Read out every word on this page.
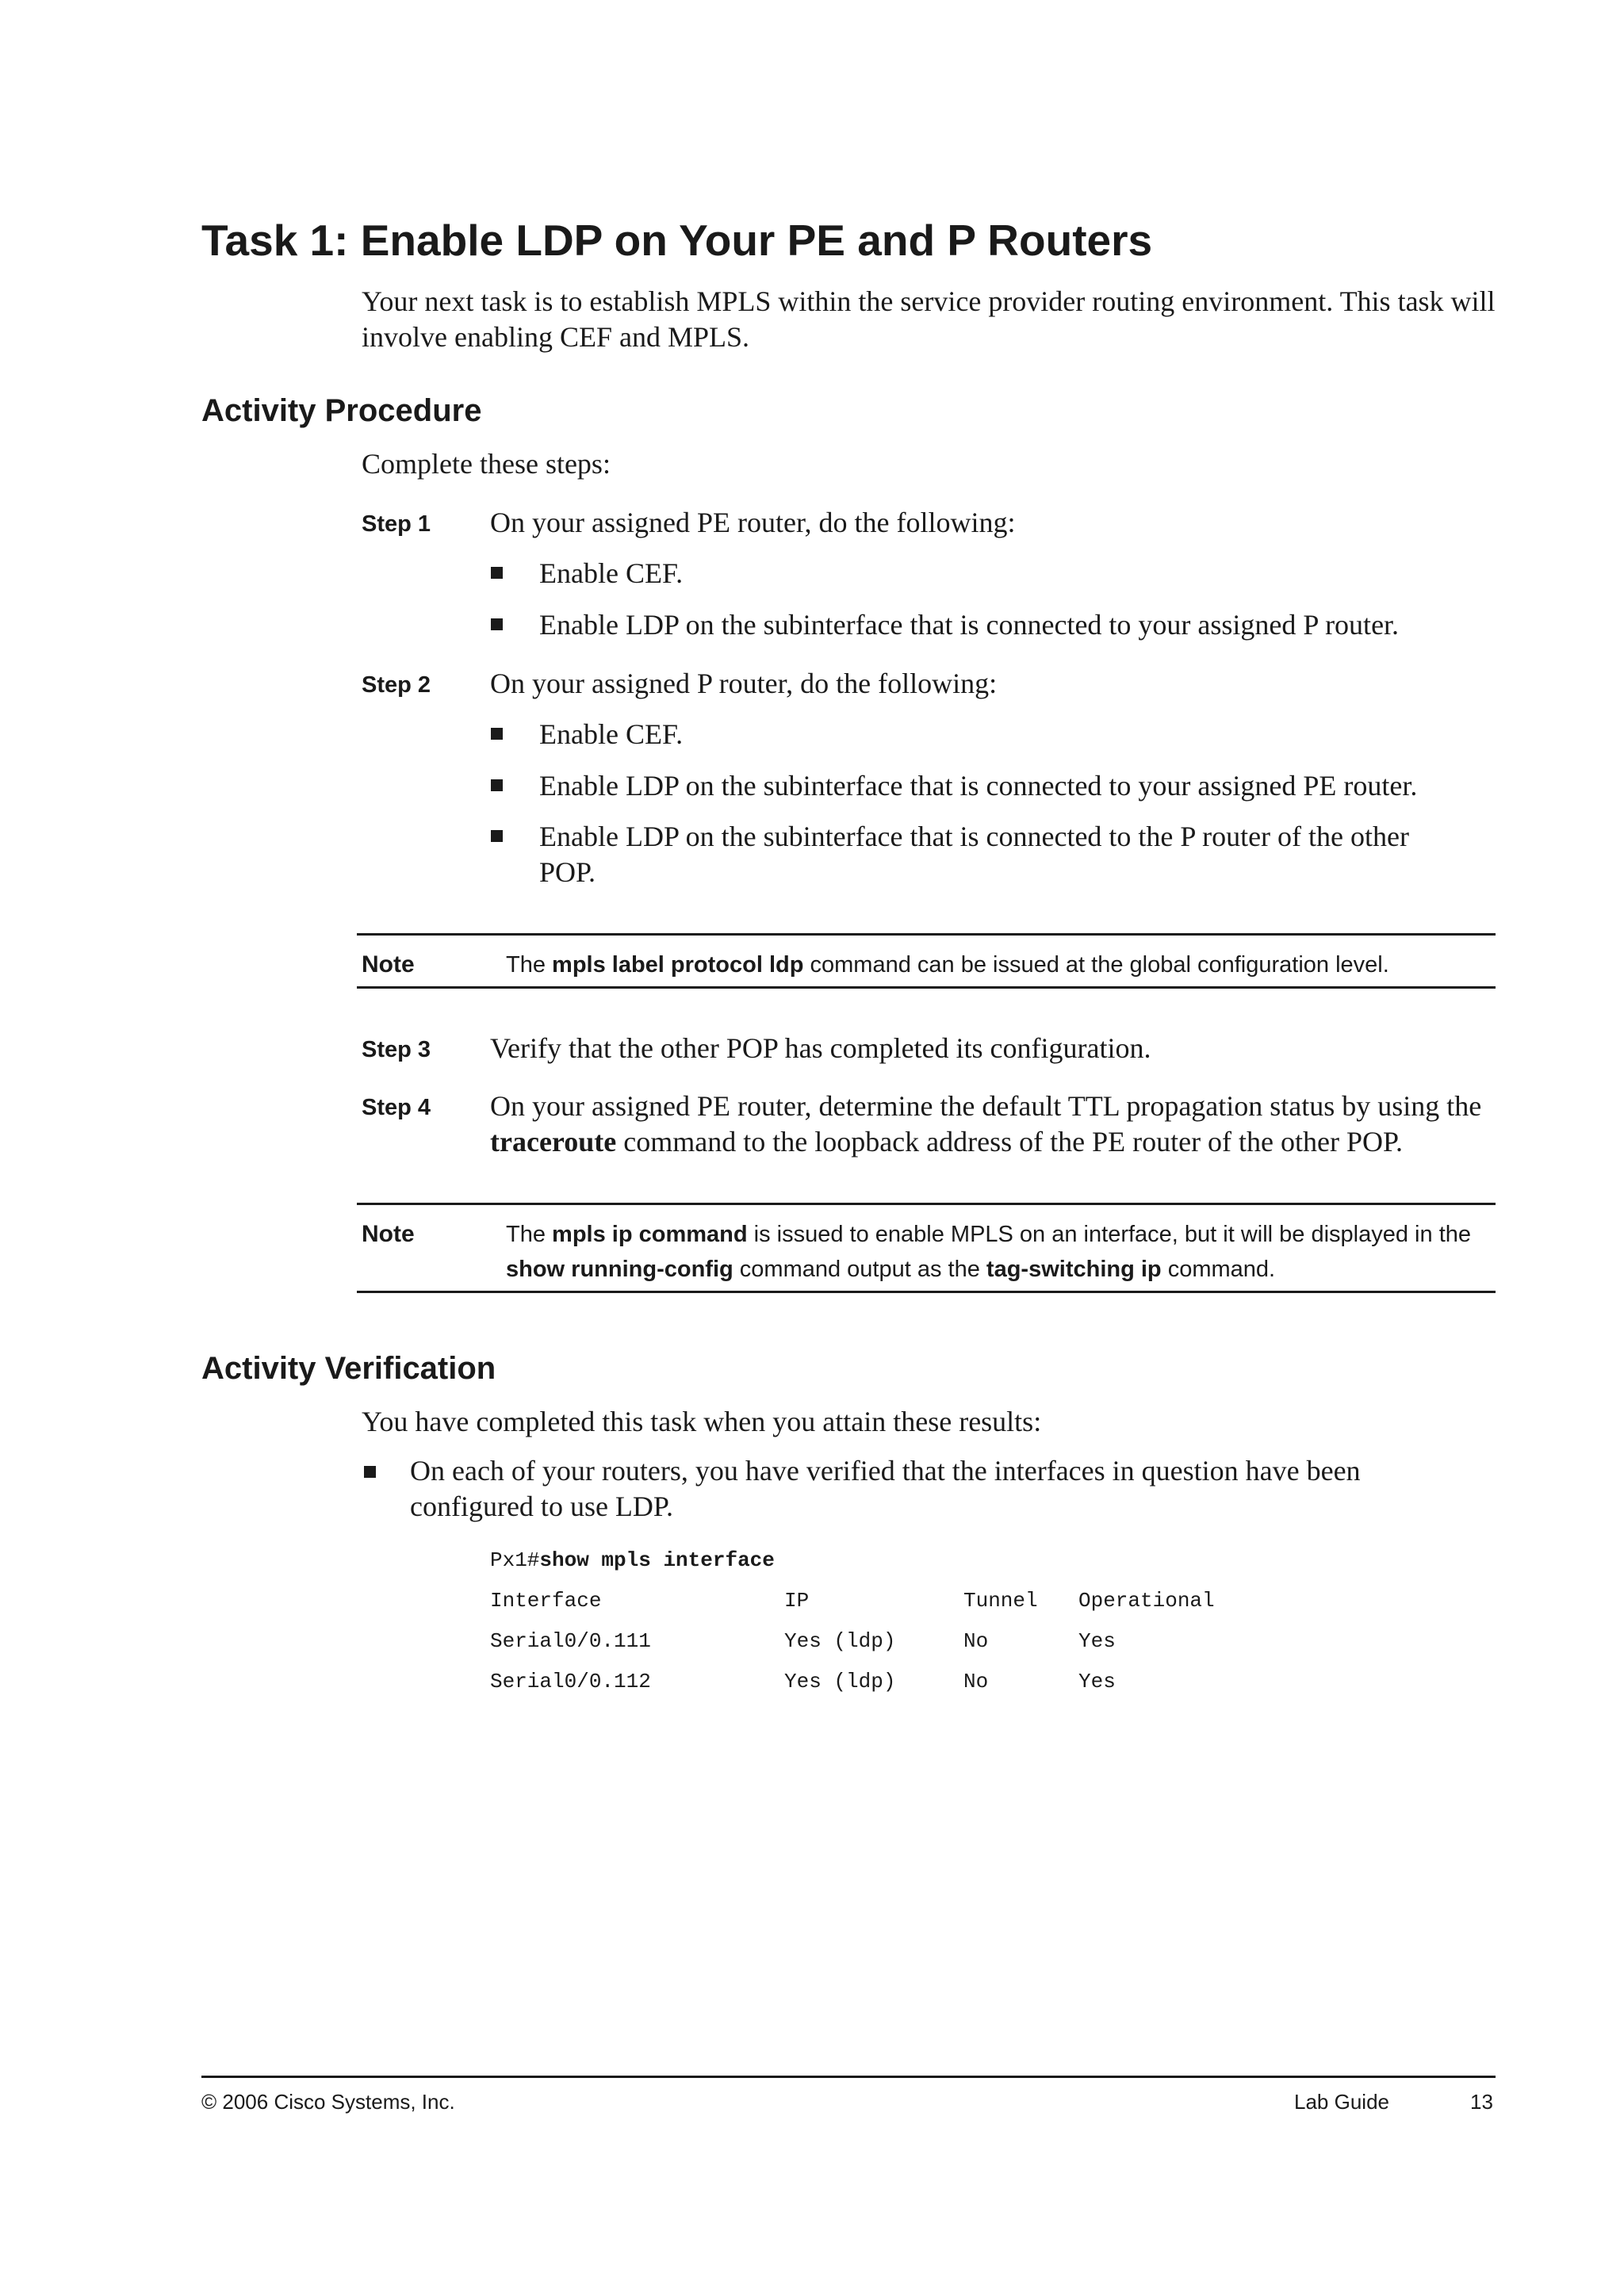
Task 1: Enable LDP on Your PE and P Routers
Your next task is to establish MPLS within the service provider routing environment. This task will involve enabling CEF and MPLS.
Activity Procedure
Complete these steps:
Step 1 On your assigned PE router, do the following:
Enable CEF.
Enable LDP on the subinterface that is connected to your assigned P router.
Step 2 On your assigned P router, do the following:
Enable CEF.
Enable LDP on the subinterface that is connected to your assigned PE router.
Enable LDP on the subinterface that is connected to the P router of the other POP.
Note	The mpls label protocol ldp command can be issued at the global configuration level.
Step 3 Verify that the other POP has completed its configuration.
Step 4 On your assigned PE router, determine the default TTL propagation status by using the traceroute command to the loopback address of the PE router of the other POP.
Note	The mpls ip command is issued to enable MPLS on an interface, but it will be displayed in the show running-config command output as the tag-switching ip command.
Activity Verification
You have completed this task when you attain these results:
On each of your routers, you have verified that the interfaces in question have been configured to use LDP.
Px1#show mpls interface
Interface	IP	Tunnel Operational
Serial0/0.111	Yes (ldp)	No	Yes
Serial0/0.112	Yes (ldp)	No	Yes
© 2006 Cisco Systems, Inc.	Lab Guide	13
